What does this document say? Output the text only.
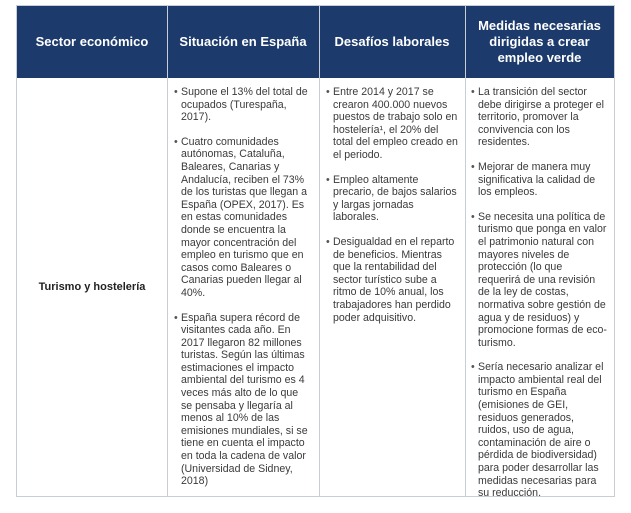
Sector económico	Situación en España	Desafíos laborales
Medidas necesarias dirigidas a crear empleo verde
Turismo y hostelería
• Supone el 13% del total de ocupados (Turespaña, 2017).
• Cuatro comunidades autónomas, Cataluña, Baleares, Canarias y Andalucía, reciben el 73% de los turistas que llegan a España (OPEX, 2017). Es en estas comunidades donde se encuentra la mayor concentración del empleo en turismo que en casos como Baleares o Canarias pueden llegar al 40%.
• España supera récord de visitantes cada año. En 2017 llegaron 82 millones turistas. Según las últimas estimaciones el impacto ambiental del turismo es 4 veces más alto de lo que se pensaba y llegaría al menos al 10% de las emisiones mundiales, si se tiene en cuenta el impacto en toda la cadena de valor (Universidad de Sidney, 2018)
• Entre 2014 y 2017 se crearon 400.000 nuevos puestos de trabajo solo en hostelería¹, el 20% del total del empleo creado en el periodo.
• Empleo altamente precario, de bajos salarios y largas jornadas laborales.
• Desigualdad en el reparto de beneficios. Mientras que la rentabilidad del sector turístico sube a ritmo de 10% anual, los trabajadores han perdido poder adquisitivo.
• La transición del sector debe dirigirse a proteger el territorio, promover la convivencia con los residentes.
• Mejorar de manera muy significativa la calidad de los empleos.
• Se necesita una política de turismo que ponga en valor el patrimonio natural con mayores niveles de protección (lo que requerirá de una revisión de la ley de costas, normativa sobre gestión de agua y de residuos) y promocione formas de eco-turismo.
• Sería necesario analizar el impacto ambiental real del turismo en España (emisiones de GEI, residuos generados, ruidos, uso de agua, contaminación de aire o pérdida de biodiversidad) para poder desarrollar las medidas necesarias para su reducción.
